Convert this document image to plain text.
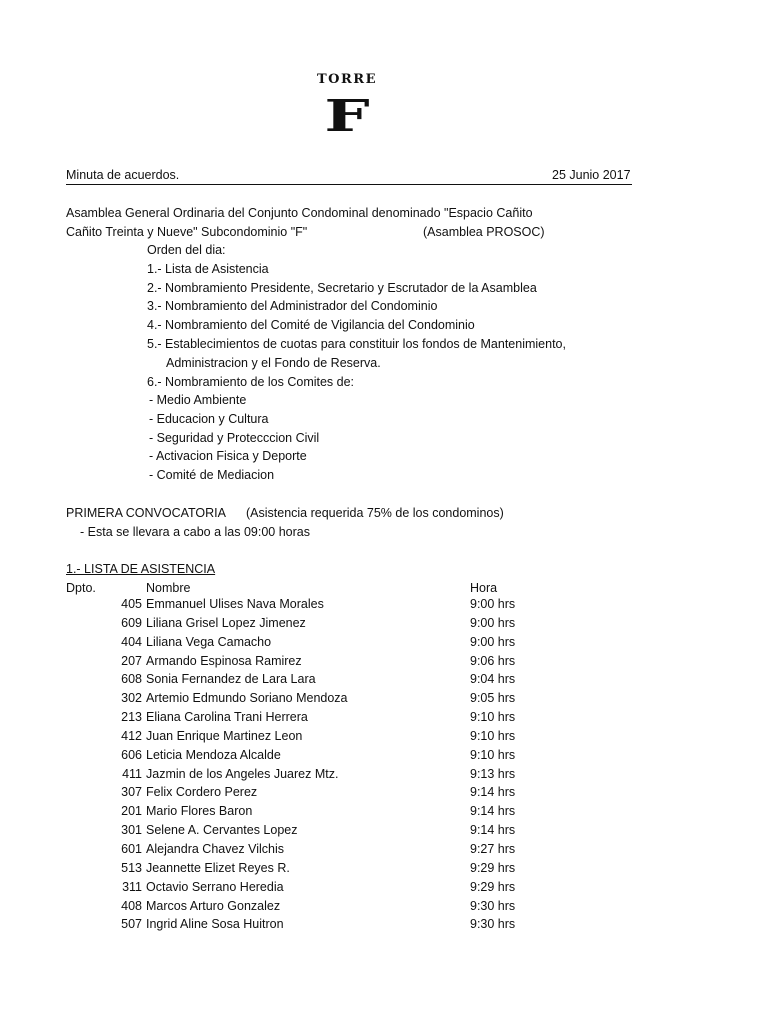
TORRE
F
Minuta de acuerdos.	25 Junio 2017
Asamblea General Ordinaria del Conjunto Condominal denominado "Espacio Cañito
Cañito Treinta y Nueve" Subcondominio "F"	(Asamblea PROSOC)
Orden del dia:
1.- Lista de Asistencia
2.- Nombramiento Presidente, Secretario y Escrutador de la Asamblea
3.- Nombramiento del Administrador del Condominio
4.- Nombramiento del Comité de Vigilancia del Condominio
5.- Establecimientos de cuotas para constituir los fondos de Mantenimiento,
Administracion y el Fondo de Reserva.
6.- Nombramiento de los Comites de:
- Medio Ambiente
- Educacion y Cultura
- Seguridad y Protecccion Civil
- Activacion Fisica y Deporte
- Comité de Mediacion
PRIMERA CONVOCATORIA (Asistencia requerida 75% de los condominos)
- Esta se llevara a cabo a las 09:00 horas
1.- LISTA DE ASISTENCIA
Dpto.	Nombre	Hora
405 Emmanuel Ulises Nava Morales	9:00 hrs
609 Liliana Grisel Lopez Jimenez	9:00 hrs
404 Liliana Vega Camacho	9:00 hrs
207 Armando Espinosa Ramirez	9:06 hrs
608 Sonia Fernandez de Lara Lara	9:04 hrs
302 Artemio Edmundo Soriano Mendoza	9:05 hrs
213 Eliana Carolina Trani Herrera	9:10 hrs
412 Juan Enrique Martinez Leon	9:10 hrs
606 Leticia Mendoza Alcalde	9:10 hrs
411 Jazmin de los Angeles Juarez Mtz.	9:13 hrs
307 Felix Cordero Perez	9:14 hrs
201 Mario Flores Baron	9:14 hrs
301 Selene A. Cervantes Lopez	9:14 hrs
601 Alejandra Chavez Vilchis	9:27 hrs
513 Jeannette Elizet Reyes R.	9:29 hrs
311 Octavio Serrano Heredia	9:29 hrs
408 Marcos Arturo Gonzalez	9:30 hrs
507 Ingrid Aline Sosa Huitron	9:30 hrs
